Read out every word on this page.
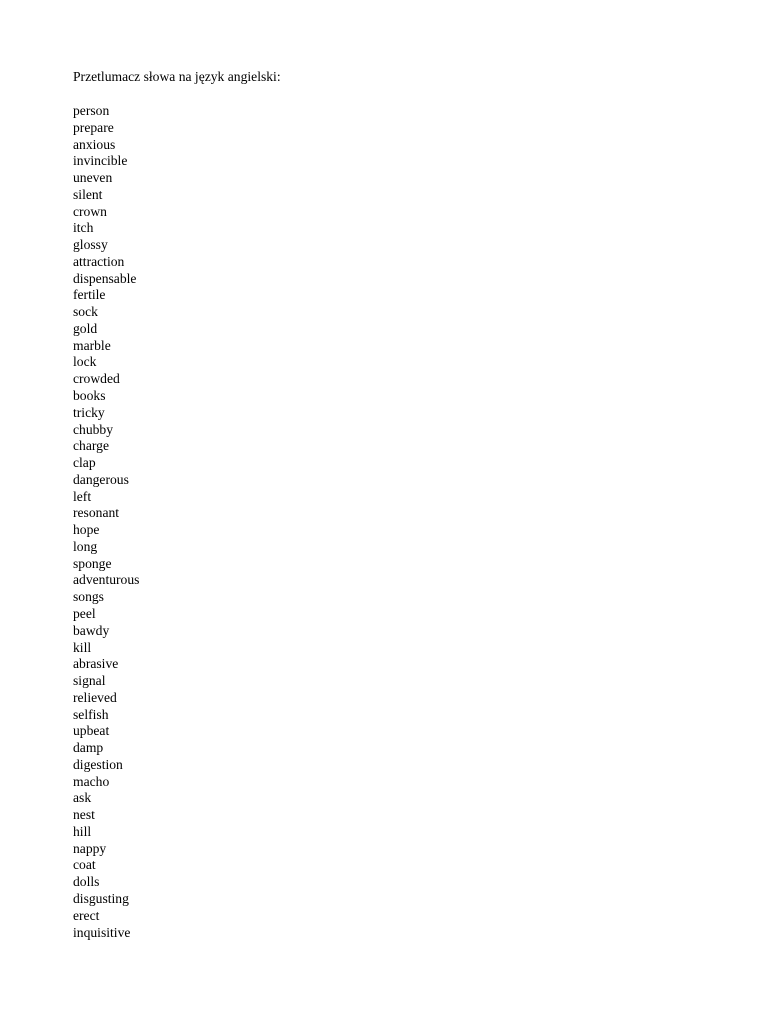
Przetlumacz słowa na język angielski:
person
prepare
anxious
invincible
uneven
silent
crown
itch
glossy
attraction
dispensable
fertile
sock
gold
marble
lock
crowded
books
tricky
chubby
charge
clap
dangerous
left
resonant
hope
long
sponge
adventurous
songs
peel
bawdy
kill
abrasive
signal
relieved
selfish
upbeat
damp
digestion
macho
ask
nest
hill
nappy
coat
dolls
disgusting
erect
inquisitive
